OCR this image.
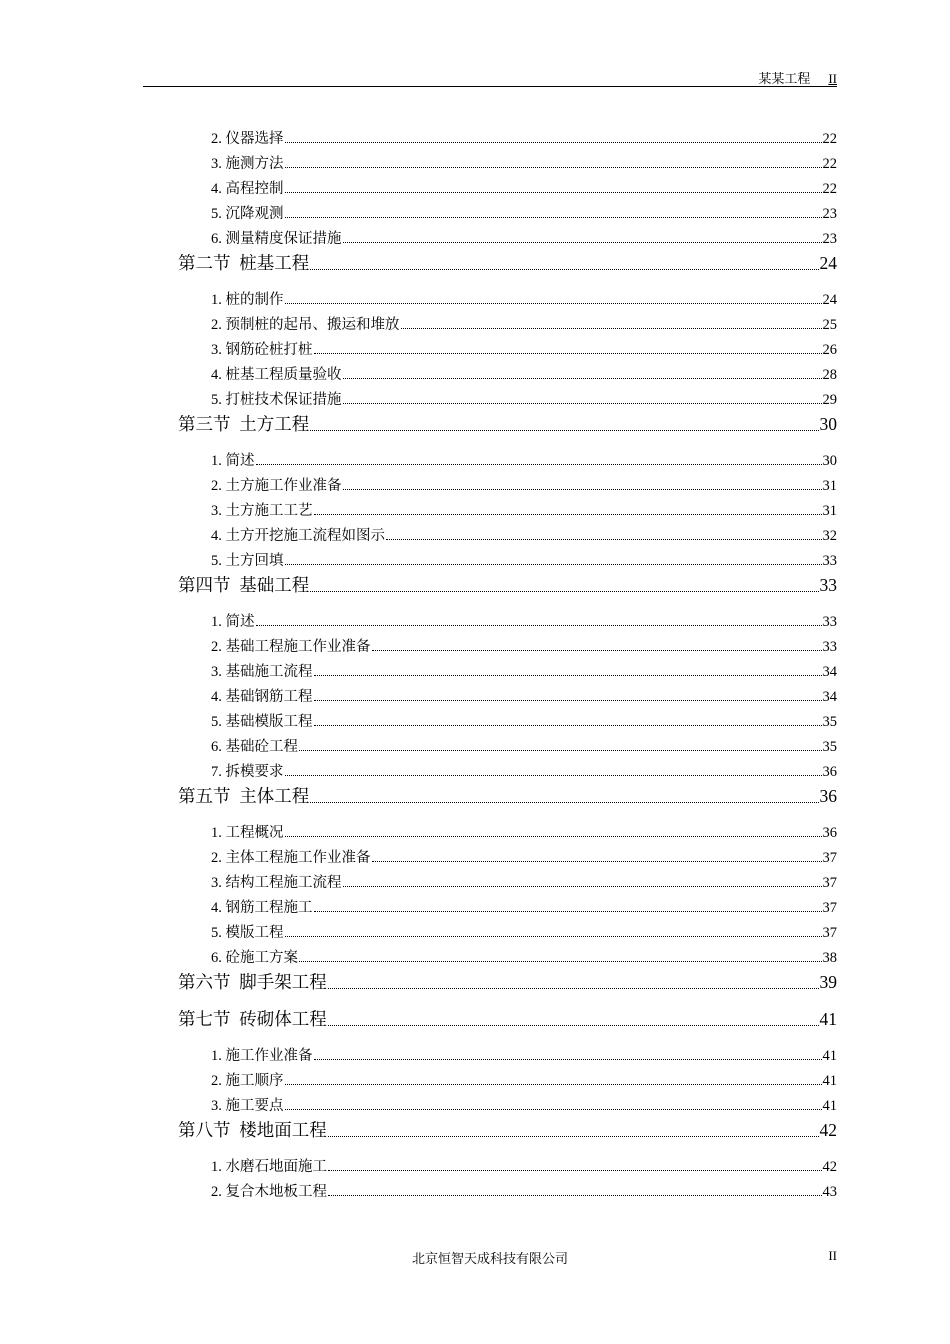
某某工程 II
2. 仪器选择	22
3. 施测方法	22
4. 高程控制	22
5. 沉降观测	23
6. 测量精度保证措施	23
第二节  桩基工程	24
1. 桩的制作	24
2. 预制桩的起吊、搬运和堆放	25
3. 钢筋砼桩打桩	26
4. 桩基工程质量验收	28
5. 打桩技术保证措施	29
第三节  土方工程	30
1. 简述	30
2. 土方施工作业准备	31
3. 土方施工工艺	31
4. 土方开挖施工流程如图示	32
5. 土方回填	33
第四节  基础工程	33
1. 简述	33
2. 基础工程施工作业准备	33
3. 基础施工流程	34
4. 基础钢筋工程	34
5. 基础模版工程	35
6. 基础砼工程	35
7. 拆模要求	36
第五节  主体工程	36
1. 工程概况	36
2. 主体工程施工作业准备	37
3. 结构工程施工流程	37
4. 钢筋工程施工	37
5. 模版工程	37
6. 砼施工方案	38
第六节  脚手架工程	39
第七节  砖砌体工程	41
1. 施工作业准备	41
2. 施工顺序	41
3. 施工要点	41
第八节  楼地面工程	42
1. 水磨石地面施工	42
2. 复合木地板工程	43
北京恒智天成科技有限公司	II
